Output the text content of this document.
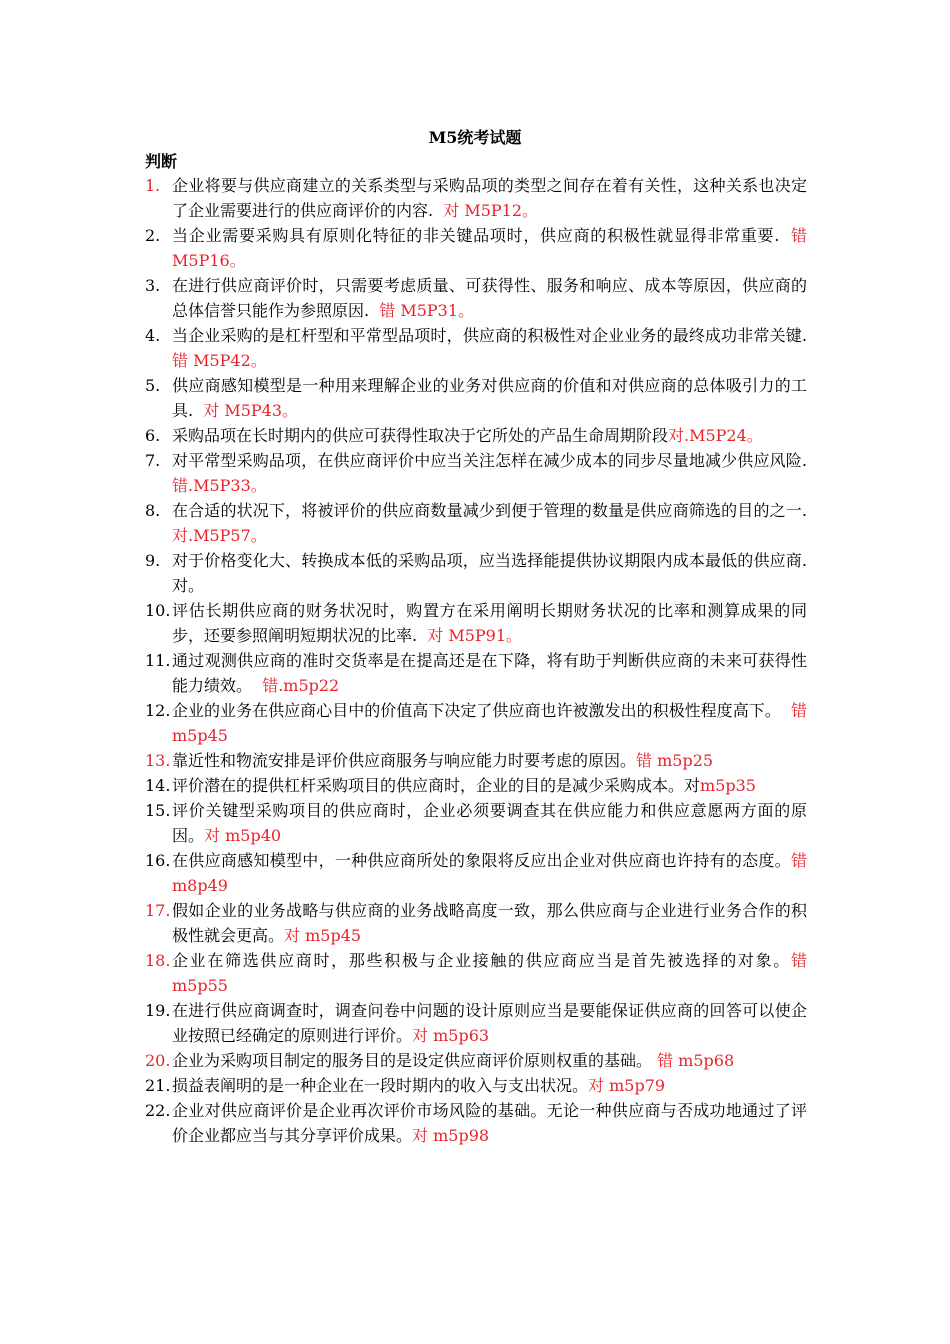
M5统考试题
判断
1. 企业将要与供应商建立的关系类型与采购品项的类型之间存在着有关性，这种关系也决定了企业需要进行的供应商评价的内容.  对 M5P12。
2. 当企业需要采购具有原则化特征的非关键品项时，供应商的积极性就显得非常重要.  错 M5P16。
3. 在进行供应商评价时，只需要考虑质量、可获得性、服务和响应、成本等原因，供应商的总体信誉只能作为参照原因.  错 M5P31。
4. 当企业采购的是杠杆型和平常型品项时，供应商的积极性对企业业务的最终成功非常关键.  错 M5P42。
5. 供应商感知模型是一种用来理解企业的业务对供应商的价值和对供应商的总体吸引力的工具.  对 M5P43。
6. 采购品项在长时期内的供应可获得性取决于它所处的产品生命周期阶段对.M5P24。
7. 对平常型采购品项，在供应商评价中应当关注怎样在减少成本的同步尽量地减少供应风险.  错.M5P33。
8. 在合适的状况下，将被评价的供应商数量减少到便于管理的数量是供应商筛选的目的之一.  对.M5P57。
9. 对于价格变化大、转换成本低的采购品项，应当选择能提供协议期限内成本最低的供应商.  对。
10. 评估长期供应商的财务状况时，购置方在采用阐明长期财务状况的比率和测算成果的同步，还要参照阐明短期状况的比率.  对 M5P91。
11. 通过观测供应商的准时交货率是在提高还是在下降，将有助于判断供应商的未来可获得性能力绩效。  错.m5p22
12. 企业的业务在供应商心目中的价值高下决定了供应商也许被激发出的积极性程度高下。  错 m5p45
13. 靠近性和物流安排是评价供应商服务与响应能力时要考虑的原因。错 m5p25
14. 评价潜在的提供杠杆采购项目的供应商时，企业的目的是减少采购成本。对m5p35
15. 评价关键型采购项目的供应商时，企业必须要调查其在供应能力和供应意愿两方面的原因。对 m5p40
16. 在供应商感知模型中，一种供应商所处的象限将反应出企业对供应商也许持有的态度。错 m8p49
17. 假如企业的业务战略与供应商的业务战略高度一致，那么供应商与企业进行业务合作的积极性就会更高。对 m5p45
18. 企业在筛选供应商时，那些积极与企业接触的供应商应当是首先被选择的对象。错 m5p55
19. 在进行供应商调查时，调查问卷中问题的设计原则应当是要能保证供应商的回答可以使企业按照已经确定的原则进行评价。对 m5p63
20. 企业为采购项目制定的服务目的是设定供应商评价原则权重的基础。 错 m5p68
21. 损益表阐明的是一种企业在一段时期内的收入与支出状况。对 m5p79
22. 企业对供应商评价是企业再次评价市场风险的基础。无论一种供应商与否成功地通过了评价企业都应当与其分享评价成果。对 m5p98
